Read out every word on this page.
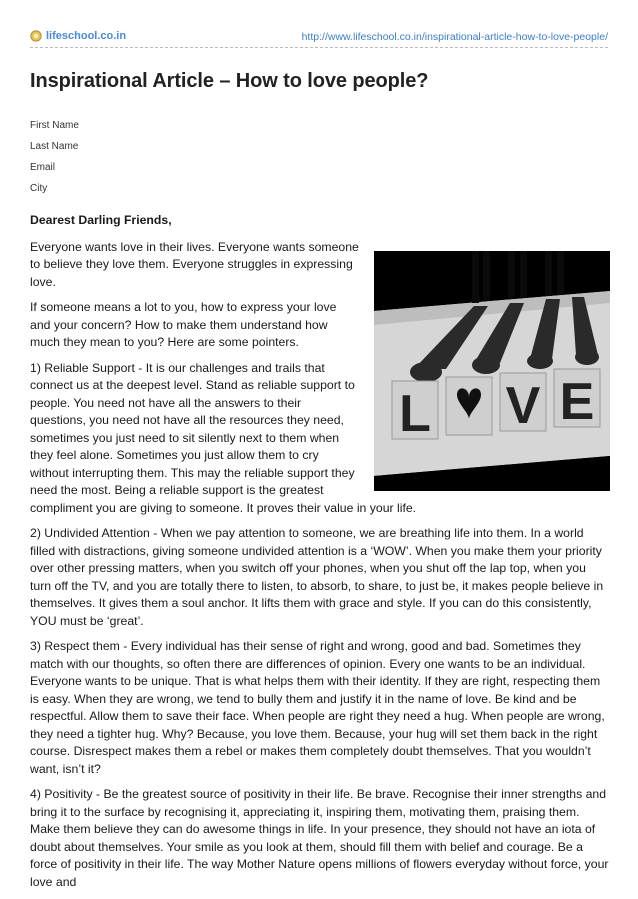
lifeschool.co.in	http://www.lifeschool.co.in/inspirational-article-how-to-love-people/
Inspirational Article – How to love people?
First Name
Last Name
Email
City

Dearest Darling Friends,

L V E

Everyone wants love in their lives. Everyone wants someone to believe they love them. Everyone struggles in expressing love.

If someone means a lot to you, how to express your love and your concern? How to make them understand how much they mean to you? Here are some pointers.

1) Reliable Support - It is our challenges and trails that connect us at the deepest level. Stand as reliable support to people. You need not have all the answers to their questions, you need not have all the resources they need, sometimes you just need to sit silently next to them when they feel alone. Sometimes you just allow them to cry without interrupting them. This may the reliable support they need the most. Being a reliable support is the greatest compliment you are giving to someone. It proves their value in your life.

2) Undivided Attention - When we pay attention to someone, we are breathing life into them. In a world filled with distractions, giving someone undivided attention is a ‘WOW’. When you make them your priority over other pressing matters, when you switch off your phones, when you shut off the lap top, when you turn off the TV, and you are totally there to listen, to absorb, to share, to just be, it makes people believe in themselves. It gives them a soul anchor. It lifts them with grace and style. If you can do this consistently, YOU must be ‘great’.

3) Respect them - Every individual has their sense of right and wrong, good and bad. Sometimes they match with our thoughts, so often there are differences of opinion. Every one wants to be an individual. Everyone wants to be unique. That is what helps them with their identity. If they are right, respecting them is easy. When they are wrong, we tend to bully them and justify it in the name of love. Be kind and be respectful. Allow them to save their face. When people are right they need a hug. When people are wrong, they need a tighter hug. Why? Because, you love them. Because, your hug will set them back in the right course. Disrespect makes them a rebel or makes them completely doubt themselves. That you wouldn’t want, isn’t it?

4) Positivity - Be the greatest source of positivity in their life. Be brave. Recognise their inner strengths and bring it to the surface by recognising it, appreciating it, inspiring them, motivating them, praising them. Make them believe they can do awesome things in life. In your presence, they should not have an iota of doubt about themselves. Your smile as you look at them, should fill them with belief and courage. Be a force of positivity in their life. The way Mother Nature opens millions of flowers everyday without force, your love and
